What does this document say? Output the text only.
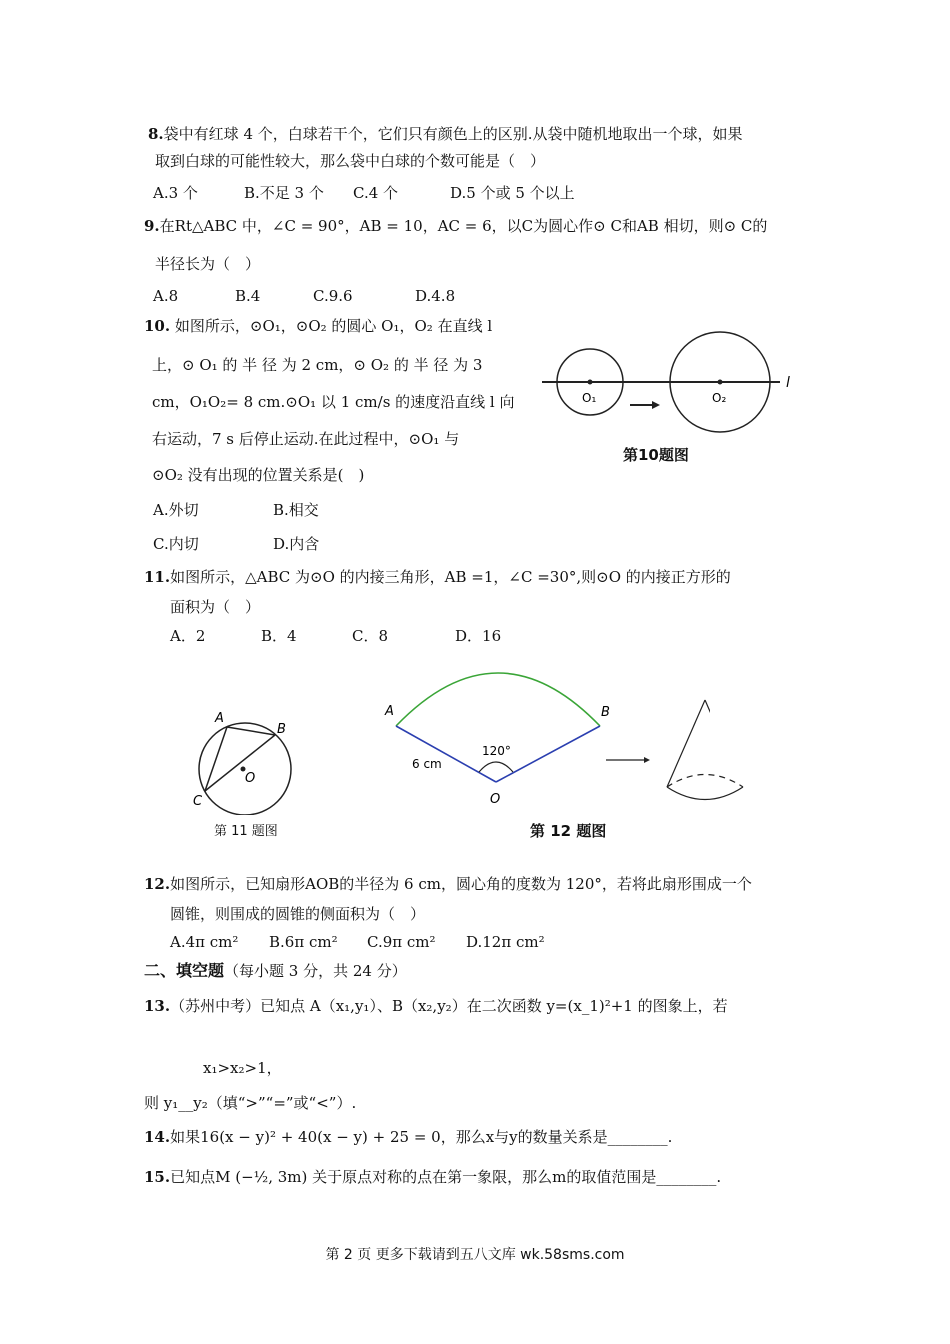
8.袋中有红球 4 个，白球若干个，它们只有颜色上的区别.从袋中随机地取出一个球，如果
取到白球的可能性较大，那么袋中白球的个数可能是（　）
A.3 个	B.不足 3 个 C.4 个	D.5 个或 5 个以上
9.在Rt△ABC 中，∠C = 90°，AB = 10，AC = 6，以C为圆心作⊙ C和AB 相切，则⊙ C的
半径长为（　）
A.8	B.4	C.9.6	D.4.8
10. 如图所示，⊙O₁，⊙O₂ 的圆心 O₁，O₂ 在直线 l
上，⊙ O₁ 的 半 径 为 2 cm，⊙ O₂ 的 半 径 为 3
cm，O₁O₂= 8 cm.⊙O₁ 以 1 cm/s 的速度沿直线 l 向
右运动，7 s 后停止运动.在此过程中，⊙O₁ 与
⊙O₂ 没有出现的位置关系是(　)
A.外切	B.相交
C.内切	D.内含
O₁	O₂
l
第10题图
11.如图所示，△ABC 为⊙O 的内接三角形，AB =1，∠C =30°,则⊙O 的内接正方形的
面积为（　）
A．2	B．4	C．8	D．16
A
B
C
O
第 11 题图
A	B
O
120°
6 cm
第 12 题图
12.如图所示，已知扇形AOB的半径为 6 cm，圆心角的度数为 120°，若将此扇形围成一个
圆锥，则围成的圆锥的侧面积为（　）
A.4π cm² B.6π cm² C.9π cm² D.12π cm²
二、填空题（每小题 3 分，共 24 分）
13.（苏州中考）已知点 A（x₁,y₁）、B（x₂,y₂）在二次函数 y=(x_1)²+1 的图象上，若
x₁>x₂>1，
则 y₁__y₂（填“>”“=”或“<”）.
14.如果16(x − y)² + 40(x − y) + 25 = 0，那么x与y的数量关系是________.
15.已知点M (−½, 3m) 关于原点对称的点在第一象限，那么m的取值范围是________.
第 2 页 更多下载请到五八文库 wk.58sms.com
